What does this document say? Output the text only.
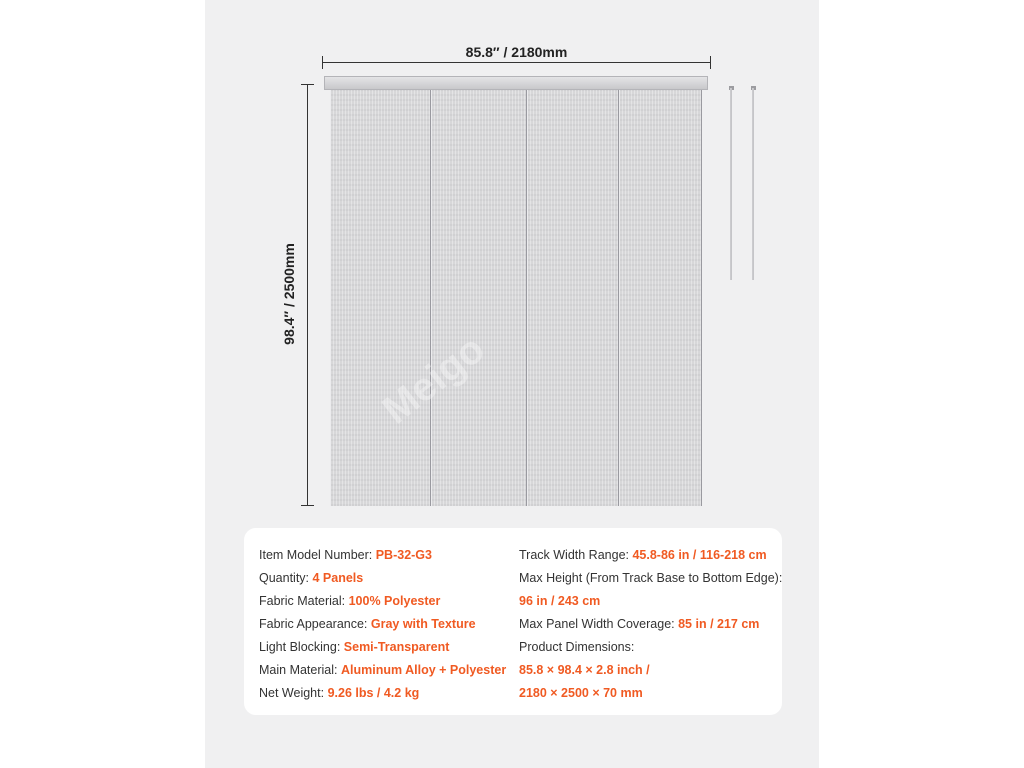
85.8″ / 2180mm
98.4″ / 2500mm
Meigo
Item Model Number: PB-32-G3
Quantity: 4 Panels
Fabric Material: 100% Polyester
Fabric Appearance: Gray with Texture
Light Blocking: Semi-Transparent
Main Material: Aluminum Alloy + Polyester
Net Weight: 9.26 lbs / 4.2 kg
Track Width Range: 45.8-86 in / 116-218 cm
Max Height (From Track Base to Bottom Edge):
96 in / 243 cm
Max Panel Width Coverage: 85 in / 217 cm
Product Dimensions:
85.8 × 98.4 × 2.8 inch /
2180 × 2500 × 70 mm
